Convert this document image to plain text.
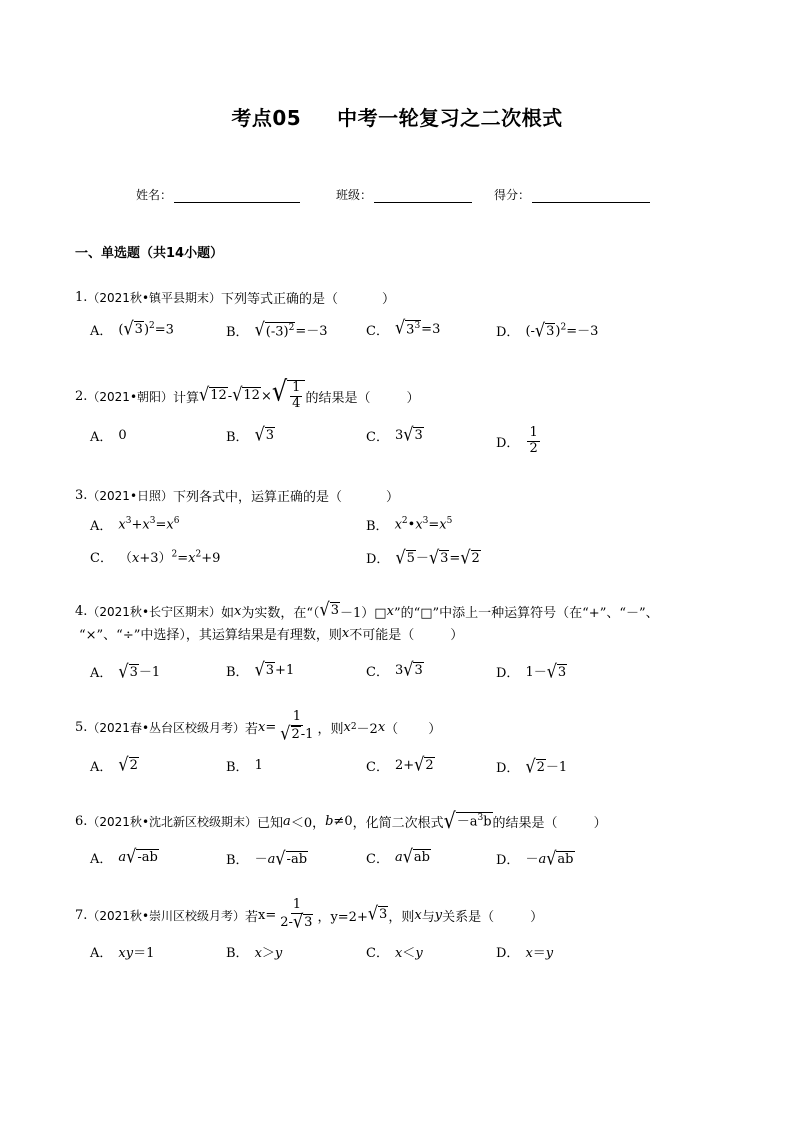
考点05 中考一轮复习之二次根式
姓名：	班级：	得分：
一、单选题（共14小题）
1. （2021秋•镇平县期末） 下列等式正确的是（	）
A． ( √ 3 )$^2$=3	B． √ $(-3)^2 =-3$	C． √ $3^3 =3$	D． (- √ 3 )$^2$=－3
2. （2021•朝阳） 计算 √ 12 - √ 12 × √ $\frac{1}{4}$ 的结果是（	）
A． 0	B． √ 3	C． 3 √ 3
D． $\frac{1}{2}$
3. （2021•日照） 下列各式中，运算正确的是（	）
A． $x^3+x^3=x^6$	B． $x^2•x^3=x^5$
C． $(x+3)^2=x^2+9$	D． √ 5 － √ 3 = √ 2
4. （2021秋•长宁区期末） 如 x 为实数，在“（ √ 3 －1）□ x ”的“□”中添上一种运算符号（在“+”、“－”、
“×”、“÷”中选择），其运算结果是有理数，则 x 不可能是（	）
A． √ 3 －1	B． √ 3 +1	C． 3 √ 3	D． 1－ √ 3
5. （2021春•丛台区校级月考） 若 $x = \frac{1}{√ 2 -1}$ ，则 x 2 －2 x （ ）
A． √ 2	B． 1	C． 2+ √ 2	D． √ 2 －1
6. （2021秋•沈北新区校级期末） 已知 a ＜0， b ≠0 ，化简二次根式 √ $-a^3b$ 的结果是（	）
A． a √ -ab	B． －a √ -ab	C． a √ ab	D． －a √ ab
7. （2021秋•崇川区校级月考） 若 $x= \frac{1}{2- √ 3}$ ，y=2+ √ 3 ，则 x 与 y 关系是（	）
A． xy＝1	B． x＞y	C． x＜y	D． x＝y
